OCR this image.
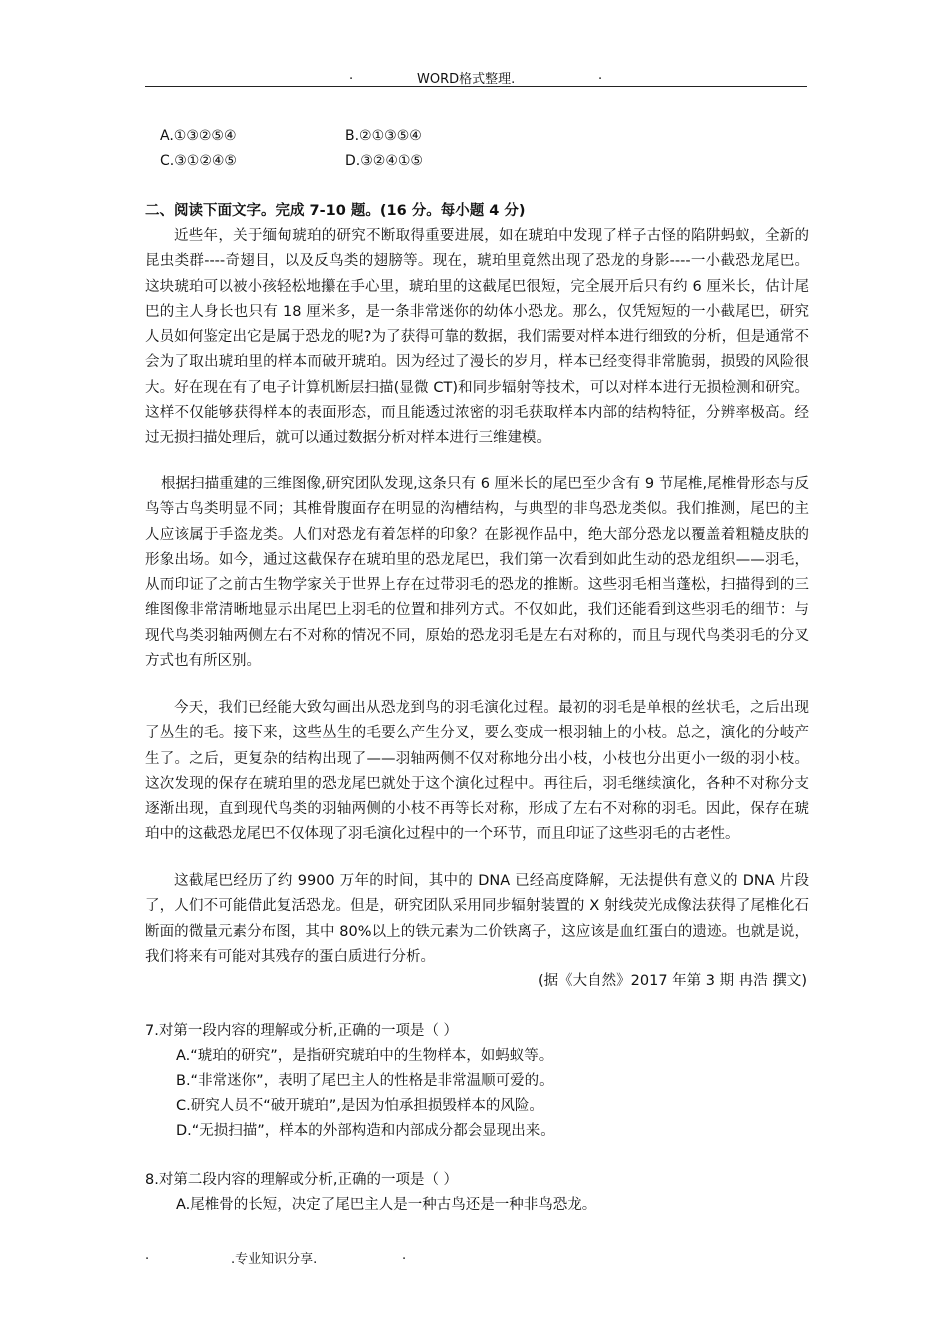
.	WORD格式整理.	.
A.①③②⑤④	B.②①③⑤④
C.③①②④⑤	D.③②④①⑤
二、阅读下面文字。完成 7-10 题。(16 分。每小题 4 分)

近些年，关于缅甸琥珀的研究不断取得重要进展，如在琥珀中发现了样子古怪的陷阱蚂蚁，全新的昆虫类群----奇翅目，以及反鸟类的翅膀等。现在，琥珀里竟然出现了恐龙的身影----一小截恐龙尾巴。这块琥珀可以被小孩轻松地攥在手心里，琥珀里的这截尾巴很短，完全展开后只有约 6 厘米长，估计尾巴的主人身长也只有 18 厘米多，是一条非常迷你的幼体小恐龙。那么，仅凭短短的一小截尾巴，研究人员如何鉴定出它是属于恐龙的呢?为了获得可靠的数据，我们需要对样本进行细致的分析，但是通常不会为了取出琥珀里的样本而破开琥珀。因为经过了漫长的岁月，样本已经变得非常脆弱，损毁的风险很大。好在现在有了电子计算机断层扫描(显微 CT)和同步辐射等技术，可以对样本进行无损检测和研究。这样不仅能够获得样本的表面形态，而且能透过浓密的羽毛获取样本内部的结构特征，分辨率极高。经过无损扫描处理后，就可以通过数据分析对样本进行三维建模。

根据扫描重建的三维图像,研究团队发现,这条只有 6 厘米长的尾巴至少含有 9 节尾椎,尾椎骨形态与反鸟等古鸟类明显不同；其椎骨腹面存在明显的沟槽结构，与典型的非鸟恐龙类似。我们推测，尾巴的主人应该属于手盗龙类。人们对恐龙有着怎样的印象？在影视作品中，绝大部分恐龙以覆盖着粗糙皮肤的形象出场。如今，通过这截保存在琥珀里的恐龙尾巴，我们第一次看到如此生动的恐龙组织——羽毛，从而印证了之前古生物学家关于世界上存在过带羽毛的恐龙的推断。这些羽毛相当蓬松，扫描得到的三维图像非常清晰地显示出尾巴上羽毛的位置和排列方式。不仅如此，我们还能看到这些羽毛的细节：与现代鸟类羽轴两侧左右不对称的情况不同，原始的恐龙羽毛是左右对称的，而且与现代鸟类羽毛的分叉方式也有所区别。

今天，我们已经能大致勾画出从恐龙到鸟的羽毛演化过程。最初的羽毛是单根的丝状毛，之后出现了丛生的毛。接下来，这些丛生的毛要么产生分叉，要么变成一根羽轴上的小枝。总之，演化的分岐产生了。之后，更复杂的结构出现了——羽轴两侧不仅对称地分出小枝，小枝也分出更小一级的羽小枝。这次发现的保存在琥珀里的恐龙尾巴就处于这个演化过程中。再往后，羽毛继续演化，各种不对称分支逐渐出现，直到现代鸟类的羽轴两侧的小枝不再等长对称，形成了左右不对称的羽毛。因此，保存在琥珀中的这截恐龙尾巴不仅体现了羽毛演化过程中的一个环节，而且印证了这些羽毛的古老性。

这截尾巴经历了约 9900 万年的时间，其中的 DNA 已经高度降解，无法提供有意义的 DNA 片段了，人们不可能借此复活恐龙。但是，研究团队采用同步辐射装置的 X 射线荧光成像法获得了尾椎化石断面的微量元素分布图，其中 80%以上的铁元素为二价铁离子，这应该是血红蛋白的遗迹。也就是说，我们将来有可能对其残存的蛋白质进行分析。

(据《大自然》2017 年第 3 期 冉浩 撰文)
7.对第一段内容的理解或分析,正确的一项是（ ）
A.“琥珀的研究”，是指研究琥珀中的生物样本，如蚂蚁等。
B.“非常迷你”，表明了尾巴主人的性格是非常温顺可爱的。
C.研究人员不“破开琥珀”,是因为怕承担损毁样本的风险。
D.“无损扫描”，样本的外部构造和内部成分都会显现出来。
8.对第二段内容的理解或分析,正确的一项是（ ）
A.尾椎骨的长短，决定了尾巴主人是一种古鸟还是一种非鸟恐龙。
.	.专业知识分享.	.
